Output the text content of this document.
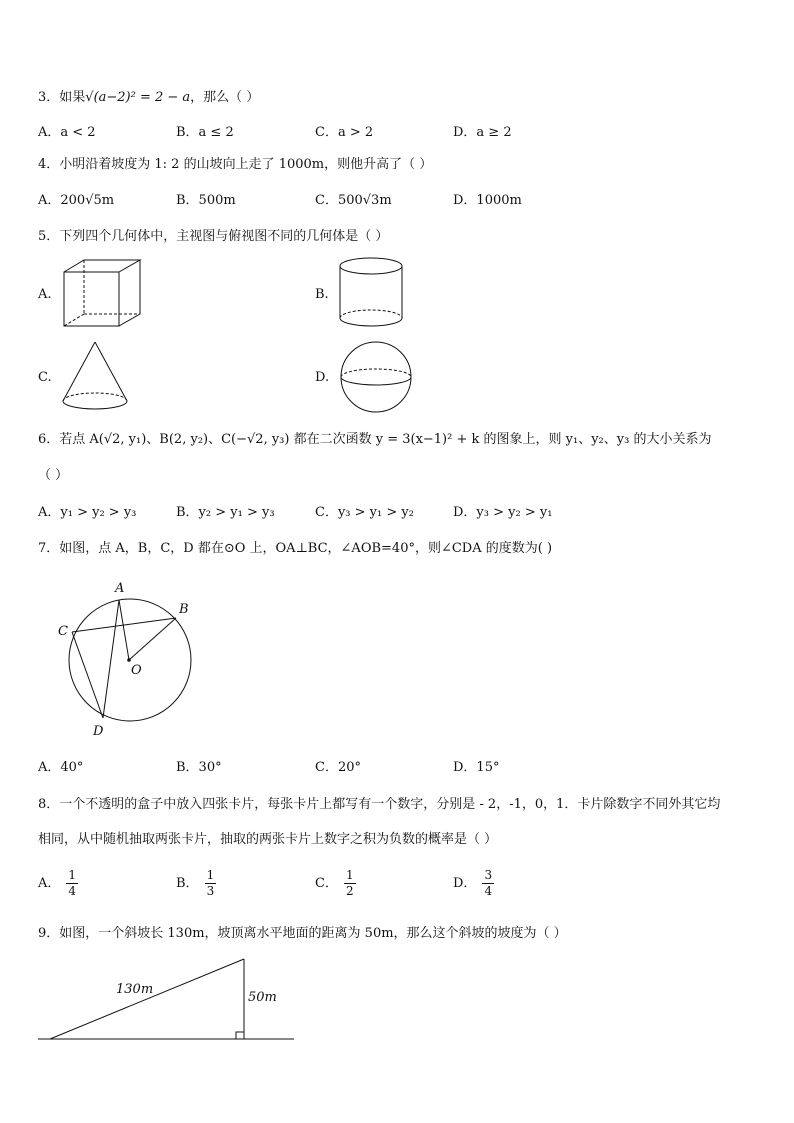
3．如果√(a−2)² = 2 − a，那么（ ）
A．a < 2	B．a ≤ 2	C．a > 2	D．a ≥ 2
4．小明沿着坡度为 1: 2 的山坡向上走了 1000m，则他升高了（ ）
A．200√5m	B．500m	C．500√3m	D．1000m
5．下列四个几何体中，主视图与俯视图不同的几何体是（ ）
A.	B.
C.	D.
6．若点 A(√2, y₁)、B(2, y₂)、C(−√2, y₃) 都在二次函数 y = 3(x−1)² + k 的图象上，则 y₁、y₂、y₃ 的大小关系为
（ ）
A．y₁ > y₂ > y₃	B．y₂ > y₁ > y₃	C．y₃ > y₁ > y₂	D．y₃ > y₂ > y₁
7．如图，点 A，B，C，D 都在⊙O 上，OA⊥BC，∠AOB=40°，则∠CDA 的度数为( )
A
B
C
O
D
A．40°	B．30°	C．20°	D．15°
8．一个不透明的盒子中放入四张卡片，每张卡片上都写有一个数字，分别是 - 2，-1，0，1．卡片除数字不同外其它均
相同，从中随机抽取两张卡片，抽取的两张卡片上数字之积为负数的概率是（ ）
A． $\frac{1}{4}$	B． $\frac{1}{3}$	C． $\frac{1}{2}$	D． $\frac{3}{4}$
9．如图，一个斜坡长 130m，坡顶离水平地面的距离为 50m，那么这个斜坡的坡度为（ ）
130m
50m
